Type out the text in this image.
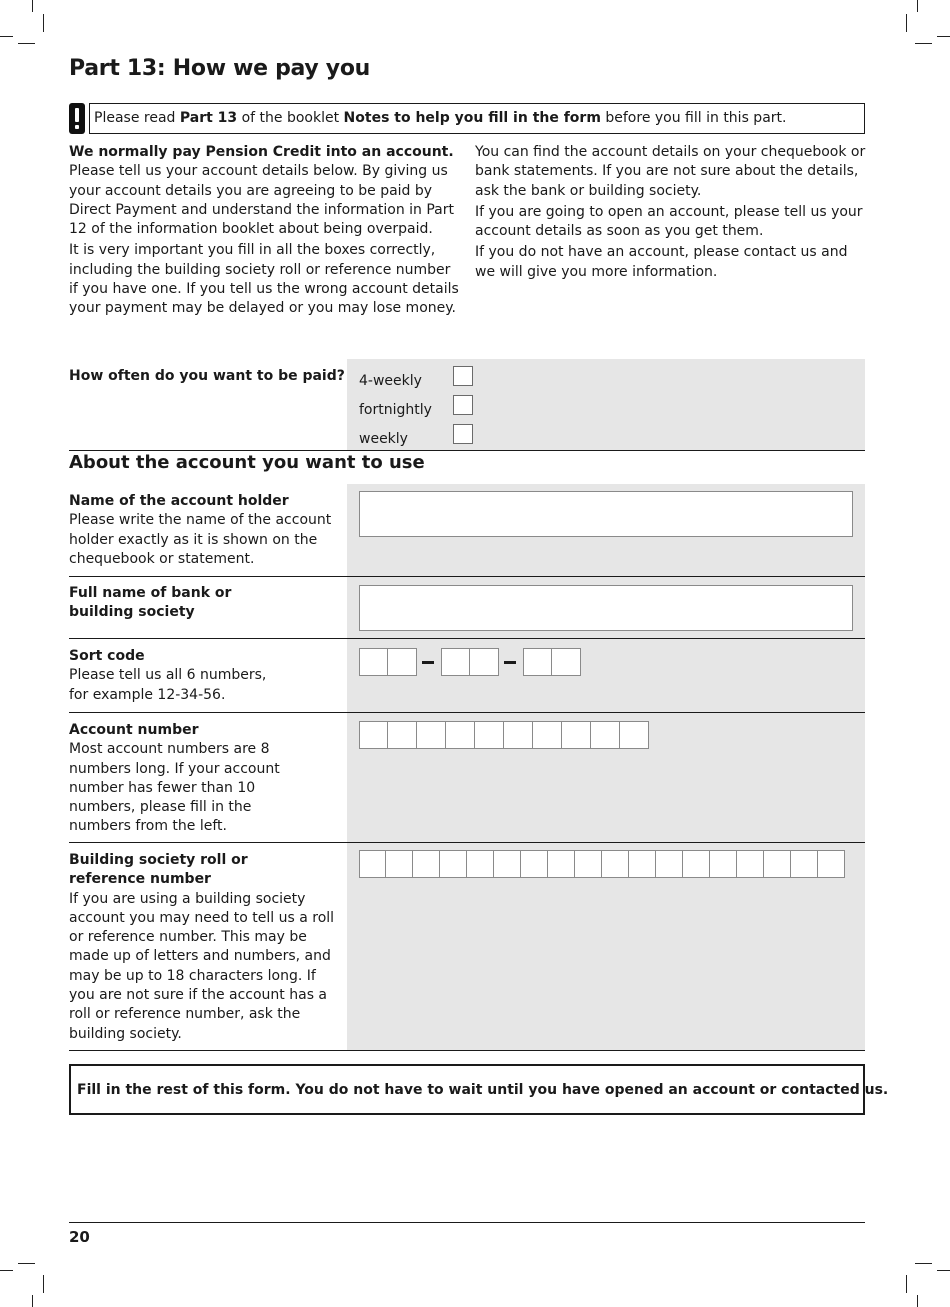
Part 13: How we pay you
Please read Part 13 of the booklet Notes to help you fill in the form before you fill in this part.

We normally pay Pension Credit into an account.
Please tell us your account details below. By giving us your account details you are agreeing to be paid by Direct Payment and understand the information in Part 12 of the information booklet about being overpaid.

It is very important you fill in all the boxes correctly, including the building society roll or reference number if you have one. If you tell us the wrong account details your payment may be delayed or you may lose money.

You can find the account details on your chequebook or bank statements. If you are not sure about the details, ask the bank or building society.

If you are going to open an account, please tell us your account details as soon as you get them.

If you do not have an account, please contact us and we will give you more information.

How often do you want to be paid? 4-weekly
fortnightly
weekly
About the account you want to use
Name of the account holder
Please write the name of the account holder exactly as it is shown on the chequebook or statement.
Full name of bank or
building society
Sort code
Please tell us all 6 numbers,
for example 12-34-56.
Account number
Most account numbers are 8 numbers long. If your account number has fewer than 10 numbers, please fill in the numbers from the left.
Building society roll or
reference number
If you are using a building society account you may need to tell us a roll or reference number. This may be made up of letters and numbers, and may be up to 18 characters long. If you are not sure if the account has a roll or reference number, ask the building society.
Fill in the rest of this form. You do not have to wait until you have opened an account or contacted us.
20
